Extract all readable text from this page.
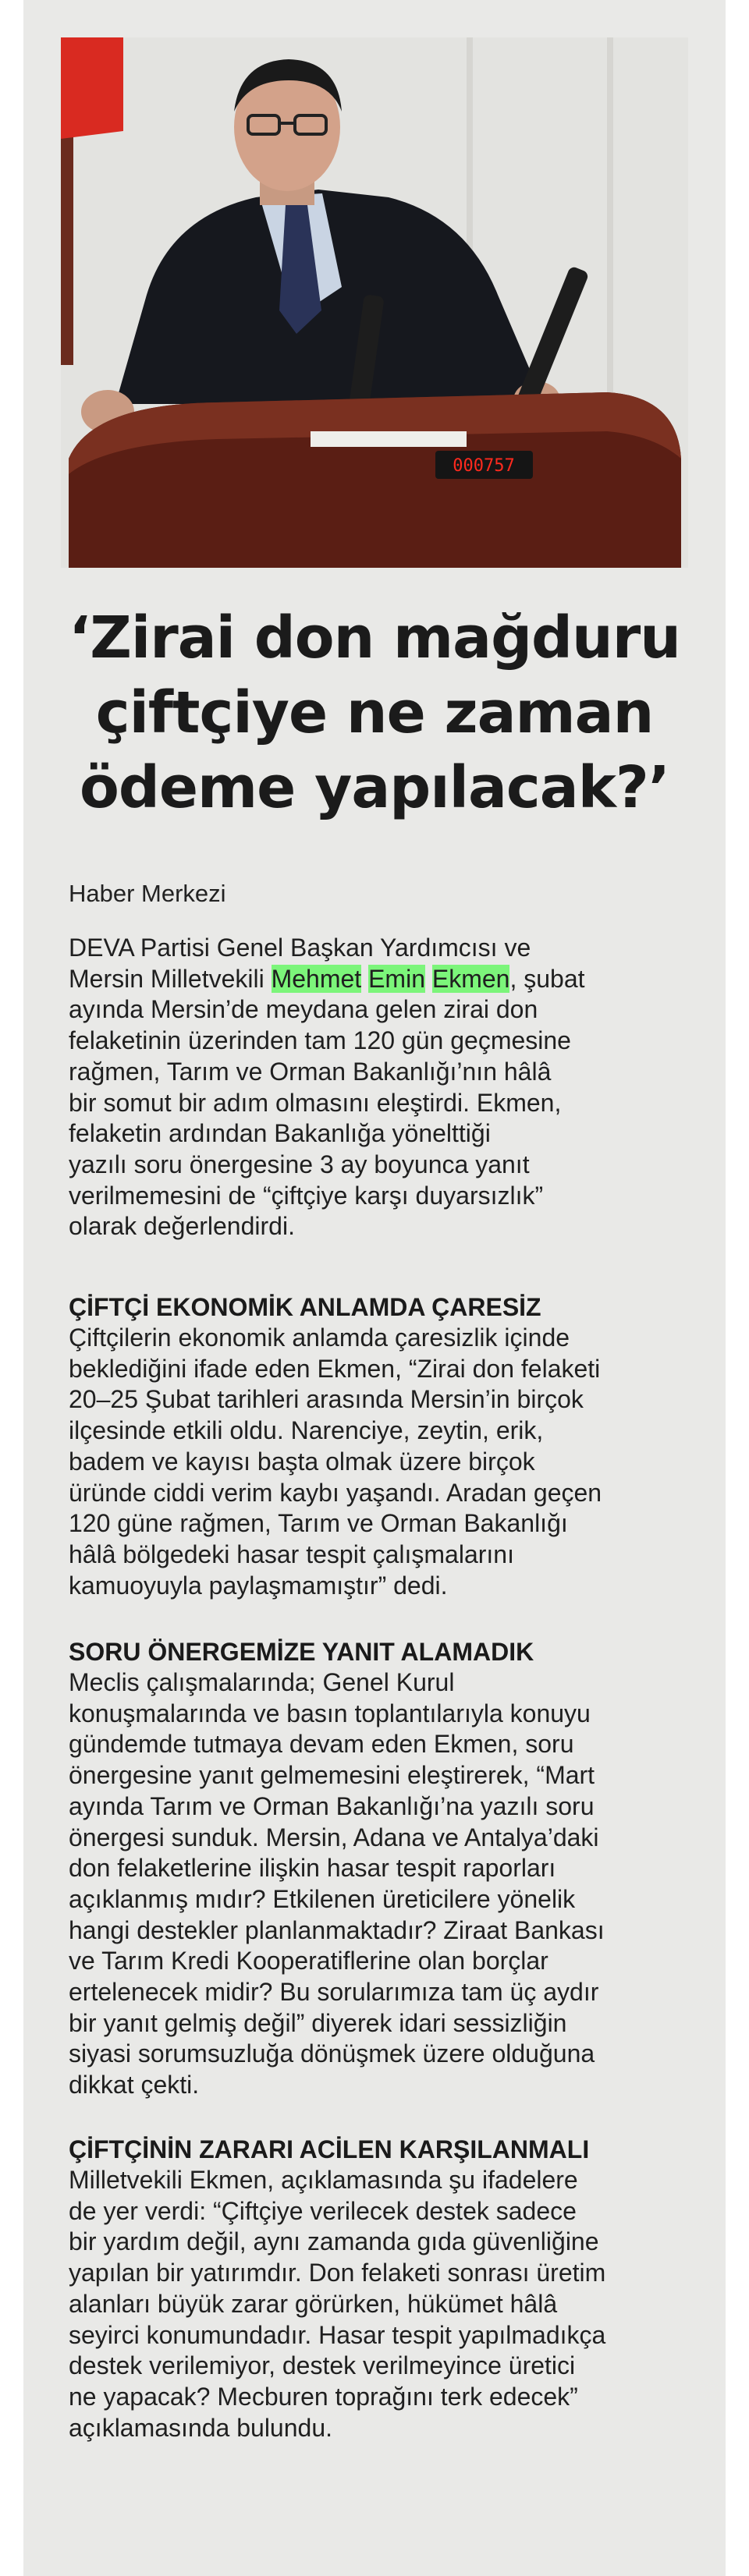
000757
‘Zirai don mağduru
çiftçiye ne zaman
ödeme yapılacak?’
Haber Merkezi
DEVA Partisi Genel Başkan Yardımcısı ve
Mersin Milletvekili Mehmet Emin Ekmen, şubat
ayında Mersin’de meydana gelen zirai don
felaketinin üzerinden tam 120 gün geçmesine
rağmen, Tarım ve Orman Bakanlığı’nın hâlâ
bir somut bir adım olmasını eleştirdi. Ekmen,
felaketin ardından Bakanlığa yönelttiği
yazılı soru önergesine 3 ay boyunca yanıt
verilmemesini de “çiftçiye karşı duyarsızlık”
olarak değerlendirdi.
ÇİFTÇİ EKONOMİK ANLAMDA ÇARESİZ
Çiftçilerin ekonomik anlamda çaresizlik içinde
beklediğini ifade eden Ekmen, “Zirai don felaketi
20–25 Şubat tarihleri arasında Mersin’in birçok
ilçesinde etkili oldu. Narenciye, zeytin, erik,
badem ve kayısı başta olmak üzere birçok
üründe ciddi verim kaybı yaşandı. Aradan geçen
120 güne rağmen, Tarım ve Orman Bakanlığı
hâlâ bölgedeki hasar tespit çalışmalarını
kamuoyuyla paylaşmamıştır” dedi.
SORU ÖNERGEMİZE YANIT ALAMADIK
Meclis çalışmalarında; Genel Kurul
konuşmalarında ve basın toplantılarıyla konuyu
gündemde tutmaya devam eden Ekmen, soru
önergesine yanıt gelmemesini eleştirerek, “Mart
ayında Tarım ve Orman Bakanlığı’na yazılı soru
önergesi sunduk. Mersin, Adana ve Antalya’daki
don felaketlerine ilişkin hasar tespit raporları
açıklanmış mıdır? Etkilenen üreticilere yönelik
hangi destekler planlanmaktadır? Ziraat Bankası
ve Tarım Kredi Kooperatiflerine olan borçlar
ertelenecek midir? Bu sorularımıza tam üç aydır
bir yanıt gelmiş değil” diyerek idari sessizliğin
siyasi sorumsuzluğa dönüşmek üzere olduğuna
dikkat çekti.
ÇİFTÇİNİN ZARARI ACİLEN KARŞILANMALI
Milletvekili Ekmen, açıklamasında şu ifadelere
de yer verdi: “Çiftçiye verilecek destek sadece
bir yardım değil, aynı zamanda gıda güvenliğine
yapılan bir yatırımdır. Don felaketi sonrası üretim
alanları büyük zarar görürken, hükümet hâlâ
seyirci konumundadır. Hasar tespit yapılmadıkça
destek verilemiyor, destek verilmeyince üretici
ne yapacak? Mecburen toprağını terk edecek”
açıklamasında bulundu.
